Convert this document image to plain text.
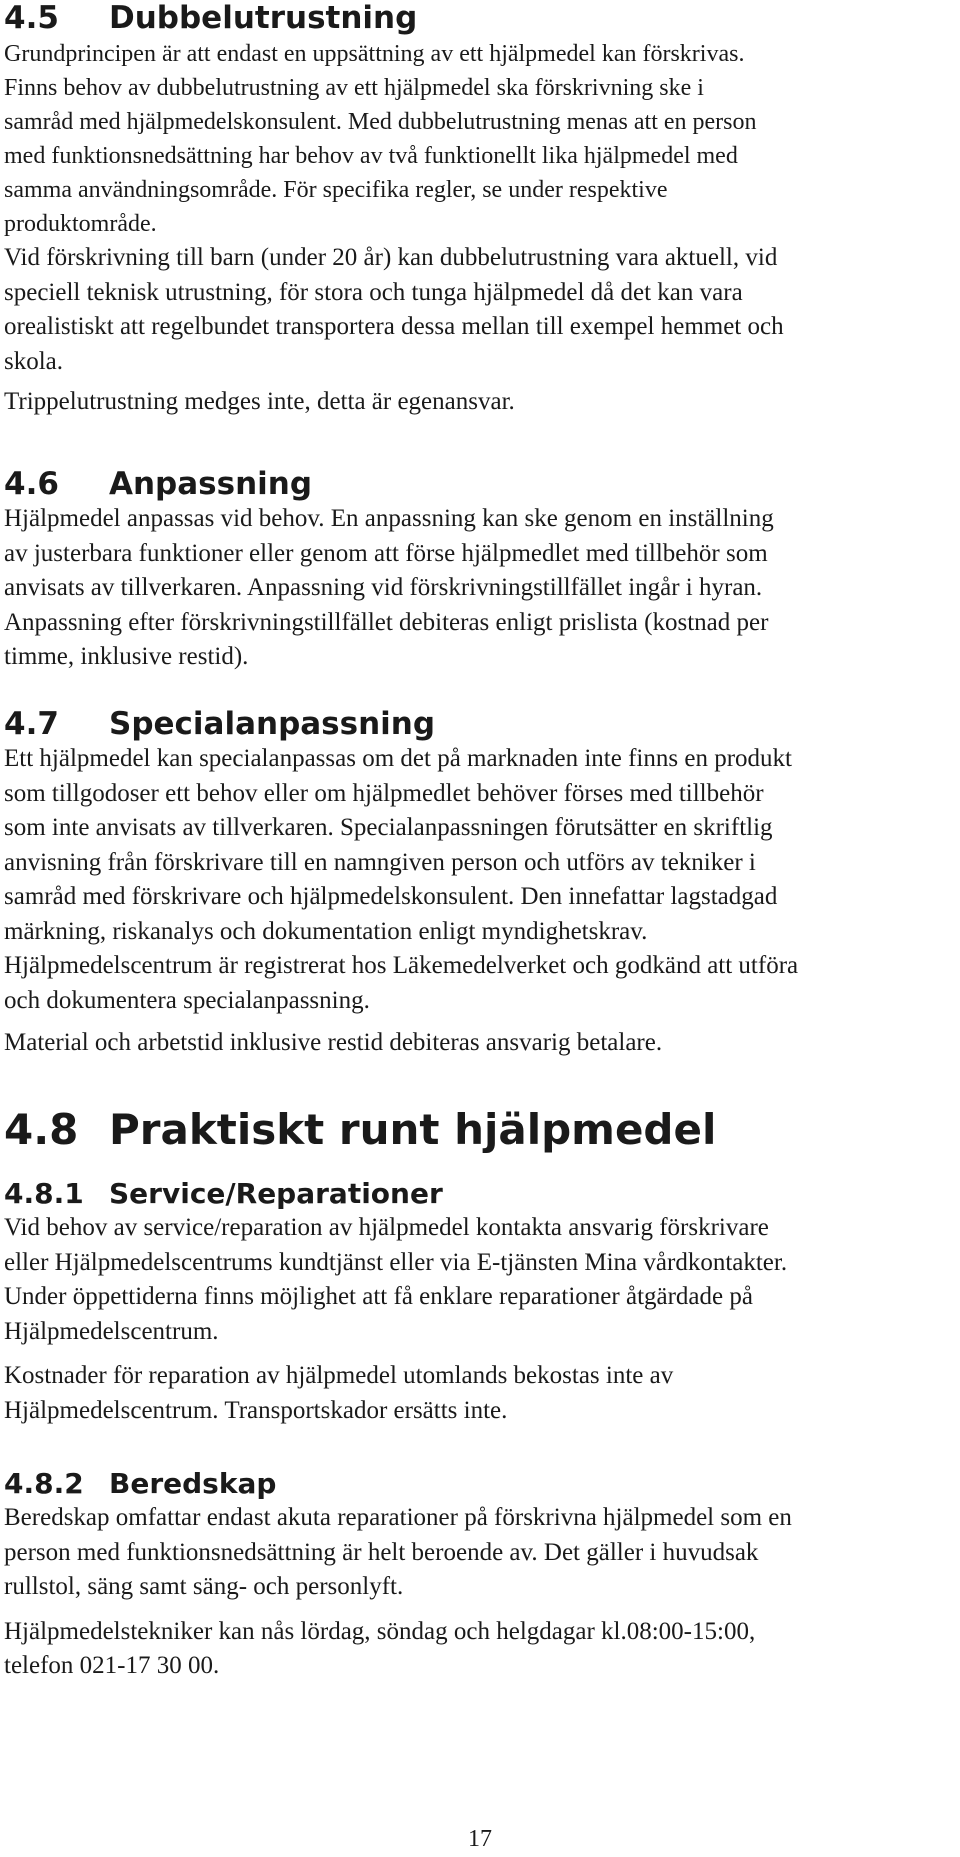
4.5 Dubbelutrustning

Grundprincipen är att endast en uppsättning av ett hjälpmedel kan förskrivas.
Finns behov av dubbelutrustning av ett hjälpmedel ska förskrivning ske i
samråd med hjälpmedelskonsulent. Med dubbelutrustning menas att en person
med funktionsnedsättning har behov av två funktionellt lika hjälpmedel med
samma användningsområde. För specifika regler, se under respektive
produktområde.

Vid förskrivning till barn (under 20 år) kan dubbelutrustning vara aktuell, vid
speciell teknisk utrustning, för stora och tunga hjälpmedel då det kan vara
orealistiskt att regelbundet transportera dessa mellan till exempel hemmet och
skola.

Trippelutrustning medges inte, detta är egenansvar.

4.6 Anpassning

Hjälpmedel anpassas vid behov. En anpassning kan ske genom en inställning
av justerbara funktioner eller genom att förse hjälpmedlet med tillbehör som
anvisats av tillverkaren. Anpassning vid förskrivningstillfället ingår i hyran.
Anpassning efter förskrivningstillfället debiteras enligt prislista (kostnad per
timme, inklusive restid).

4.7 Specialanpassning

Ett hjälpmedel kan specialanpassas om det på marknaden inte finns en produkt
som tillgodoser ett behov eller om hjälpmedlet behöver förses med tillbehör
som inte anvisats av tillverkaren. Specialanpassningen förutsätter en skriftlig
anvisning från förskrivare till en namngiven person och utförs av tekniker i
samråd med förskrivare och hjälpmedelskonsulent. Den innefattar lagstadgad
märkning, riskanalys och dokumentation enligt myndighetskrav.
Hjälpmedelscentrum är registrerat hos Läkemedelverket och godkänd att utföra
och dokumentera specialanpassning.

Material och arbetstid inklusive restid debiteras ansvarig betalare.

4.8 Praktiskt runt hjälpmedel
4.8.1 Service/Reparationer

Vid behov av service/reparation av hjälpmedel kontakta ansvarig förskrivare
eller Hjälpmedelscentrums kundtjänst eller via E-tjänsten Mina vårdkontakter.
Under öppettiderna finns möjlighet att få enklare reparationer åtgärdade på
Hjälpmedelscentrum.

Kostnader för reparation av hjälpmedel utomlands bekostas inte av
Hjälpmedelscentrum. Transportskador ersätts inte.

4.8.2 Beredskap

Beredskap omfattar endast akuta reparationer på förskrivna hjälpmedel som en
person med funktionsnedsättning är helt beroende av. Det gäller i huvudsak
rullstol, säng samt säng- och personlyft.

Hjälpmedelstekniker kan nås lördag, söndag och helgdagar kl.08:00-15:00,
telefon 021-17 30 00.

17
